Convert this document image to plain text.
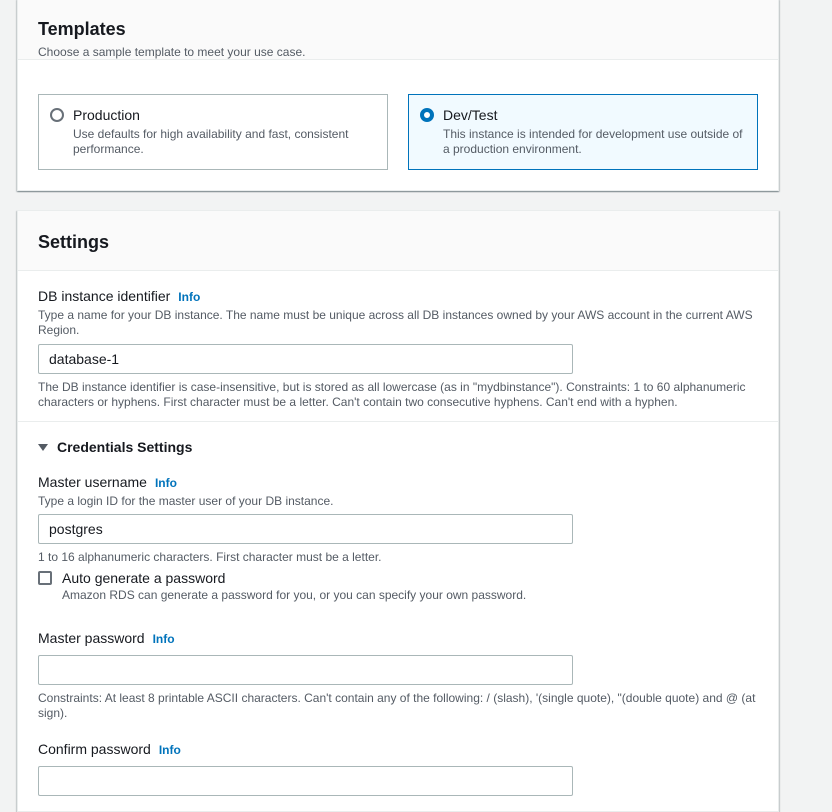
Templates
Choose a sample template to meet your use case.
Production
Use defaults for high availability and fast, consistent performance.
Dev/Test
This instance is intended for development use outside of a production environment.
Settings
DB instance identifier Info
Type a name for your DB instance. The name must be unique across all DB instances owned by your AWS account in the current AWS Region.
database-1
The DB instance identifier is case-insensitive, but is stored as all lowercase (as in "mydbinstance"). Constraints: 1 to 60 alphanumeric characters or hyphens. First character must be a letter. Can't contain two consecutive hyphens. Can't end with a hyphen.
Credentials Settings
Master username Info
Type a login ID for the master user of your DB instance.
postgres
1 to 16 alphanumeric characters. First character must be a letter.
Auto generate a password
Amazon RDS can generate a password for you, or you can specify your own password.
Master password Info
Constraints: At least 8 printable ASCII characters. Can't contain any of the following: / (slash), '(single quote), "(double quote) and @ (at sign).
Confirm password Info
